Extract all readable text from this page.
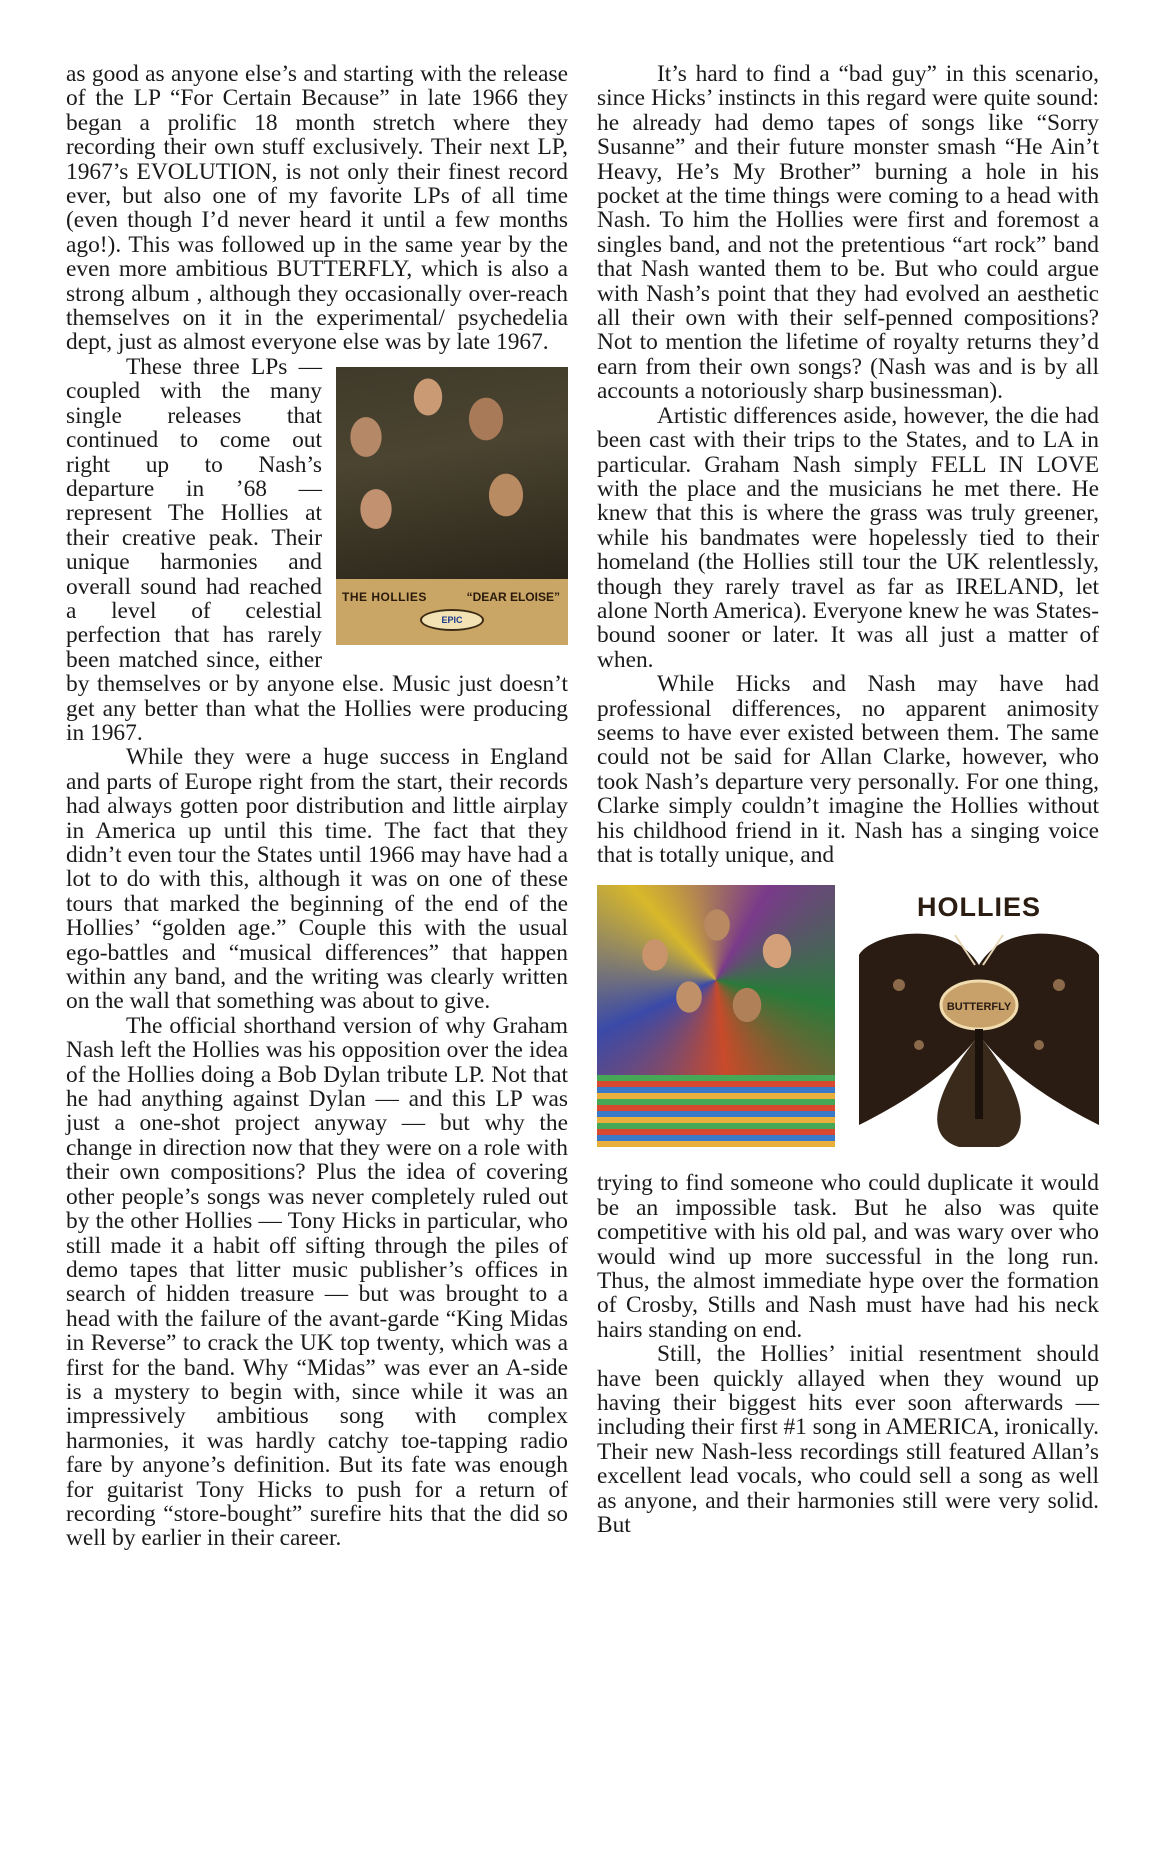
as good as anyone else’s and starting with the release of the LP “For Certain Because” in late 1966 they began a prolific 18 month stretch where they recording their own stuff exclusively. Their next LP, 1967’s EVOLUTION, is not only their finest record ever, but also one of my favorite LPs of all time (even though I’d never heard it until a few months ago!). This was followed up in the same year by the even more ambitious BUTTERFLY, which is also a strong album , although they occasionally over-reach themselves on it in the experimental/ psychedelia dept, just as almost everyone else was by late 1967.

THE HOLLIES	“DEAR ELOISE”
EPIC

These three LPs — coupled with the many single releases that continued to come out right up to Nash’s departure in ’68 — represent The Hollies at their creative peak. Their unique harmonies and overall sound had reached a level of celestial perfection that has rarely been matched since, either by themselves or by anyone else. Music just doesn’t get any better than what the Hollies were producing in 1967.

While they were a huge success in England and parts of Europe right from the start, their records had always gotten poor distribution and little airplay in America up until this time. The fact that they didn’t even tour the States until 1966 may have had a lot to do with this, although it was on one of these tours that marked the beginning of the end of the Hollies’ “golden age.” Couple this with the usual ego-battles and “musical differences” that happen within any band, and the writing was clearly written on the wall that something was about to give.

The official shorthand version of why Graham Nash left the Hollies was his opposition over the idea of the Hollies doing a Bob Dylan tribute LP. Not that he had anything against Dylan — and this LP was just a one-shot project anyway — but why the change in direction now that they were on a role with their own compositions? Plus the idea of covering other people’s songs was never completely ruled out by the other Hollies — Tony Hicks in particular, who still made it a habit off sifting through the piles of demo tapes that litter music publisher’s offices in search of hidden treasure — but was brought to a head with the failure of the avant-garde “King Midas in Reverse” to crack the UK top twenty, which was a first for the band. Why “Midas” was ever an A-side is a mystery to begin with, since while it was an impressively ambitious song with complex harmonies, it was hardly catchy toe-tapping radio fare by anyone’s definition. But its fate was enough for guitarist Tony Hicks to push for a return of recording “store-bought” surefire hits that the did so well by earlier in their career.

It’s hard to find a “bad guy” in this scenario, since Hicks’ instincts in this regard were quite sound: he already had demo tapes of songs like “Sorry Susanne” and their future monster smash “He Ain’t Heavy, He’s My Brother” burning a hole in his pocket at the time things were coming to a head with Nash. To him the Hollies were first and foremost a singles band, and not the pretentious “art rock” band that Nash wanted them to be. But who could argue with Nash’s point that they had evolved an aesthetic all their own with their self-penned compositions? Not to mention the lifetime of royalty returns they’d earn from their own songs? (Nash was and is by all accounts a notoriously sharp businessman).

Artistic differences aside, however, the die had been cast with their trips to the States, and to LA in particular. Graham Nash simply FELL IN LOVE with the place and the musicians he met there. He knew that this is where the grass was truly greener, while his bandmates were hopelessly tied to their homeland (the Hollies still tour the UK relentlessly, though they rarely travel as far as IRELAND, let alone North America). Everyone knew he was States-bound sooner or later. It was all just a matter of when.

While Hicks and Nash may have had professional differences, no apparent animosity seems to have ever existed between them. The same could not be said for Allan Clarke, however, who took Nash’s departure very personally. For one thing, Clarke simply couldn’t imagine the Hollies without his childhood friend in it. Nash has a singing voice that is totally unique, and

HOLLIES
BUTTERFLY

trying to find someone who could duplicate it would be an impossible task. But he also was quite competitive with his old pal, and was wary over who would wind up more successful in the long run. Thus, the almost immediate hype over the formation of Crosby, Stills and Nash must have had his neck hairs standing on end.

Still, the Hollies’ initial resentment should have been quickly allayed when they wound up having their biggest hits ever soon afterwards — including their first #1 song in AMERICA, ironically. Their new Nash-less recordings still featured Allan’s excellent lead vocals, who could sell a song as well as anyone, and their harmonies still were very solid. But
